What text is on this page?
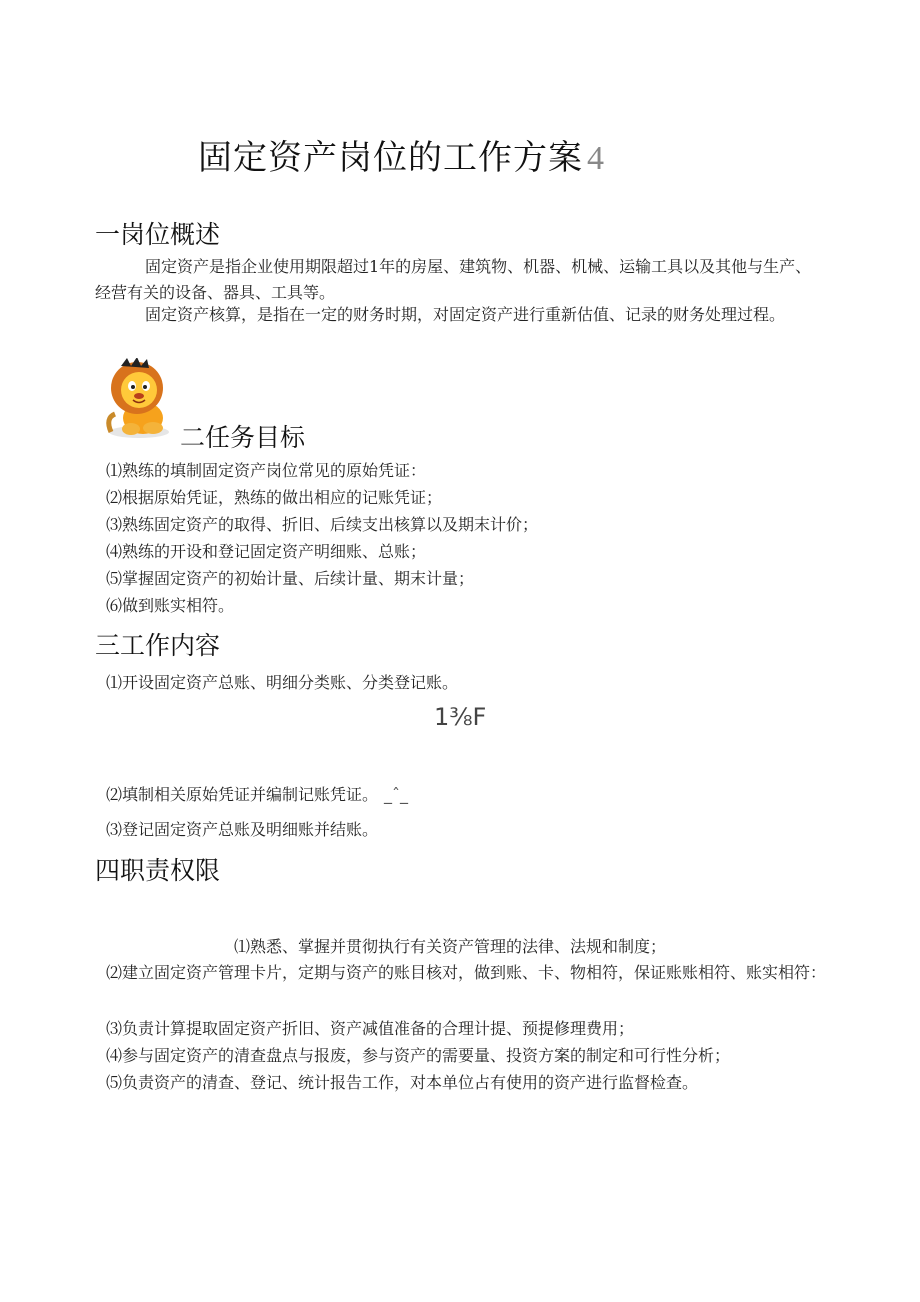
固定资产岗位的工作方案 4
一岗位概述
固定资产是指企业使用期限超过1年的房屋、建筑物、机器、机械、运输工具以及其他与生产、经营有关的设备、器具、工具等。
固定资产核算，是指在一定的财务时期，对固定资产进行重新估值、记录的财务处理过程。
二任务目标
⑴熟练的填制固定资产岗位常见的原始凭证：
⑵根据原始凭证，熟练的做出相应的记账凭证；
⑶熟练固定资产的取得、折旧、后续支出核算以及期末计价；
⑷熟练的开设和登记固定资产明细账、总账；
⑸掌握固定资产的初始计量、后续计量、期末计量；
⑹做到账实相符。
三工作内容
⑴开设固定资产总账、明细分类账、分类登记账。
1⅜F
⑵填制相关原始凭证并编制记账凭证。 _ˆ_
⑶登记固定资产总账及明细账并结账。
四职责权限
⑴熟悉、掌握并贯彻执行有关资产管理的法律、法规和制度；
⑵建立固定资产管理卡片，定期与资产的账目核对，做到账、卡、物相符，保证账账相符、账实相符：
⑶负责计算提取固定资产折旧、资产减值准备的合理计提、预提修理费用；
⑷参与固定资产的清查盘点与报废，参与资产的需要量、投资方案的制定和可行性分析；
⑸负责资产的清查、登记、统计报告工作，对本单位占有使用的资产进行监督检查。
